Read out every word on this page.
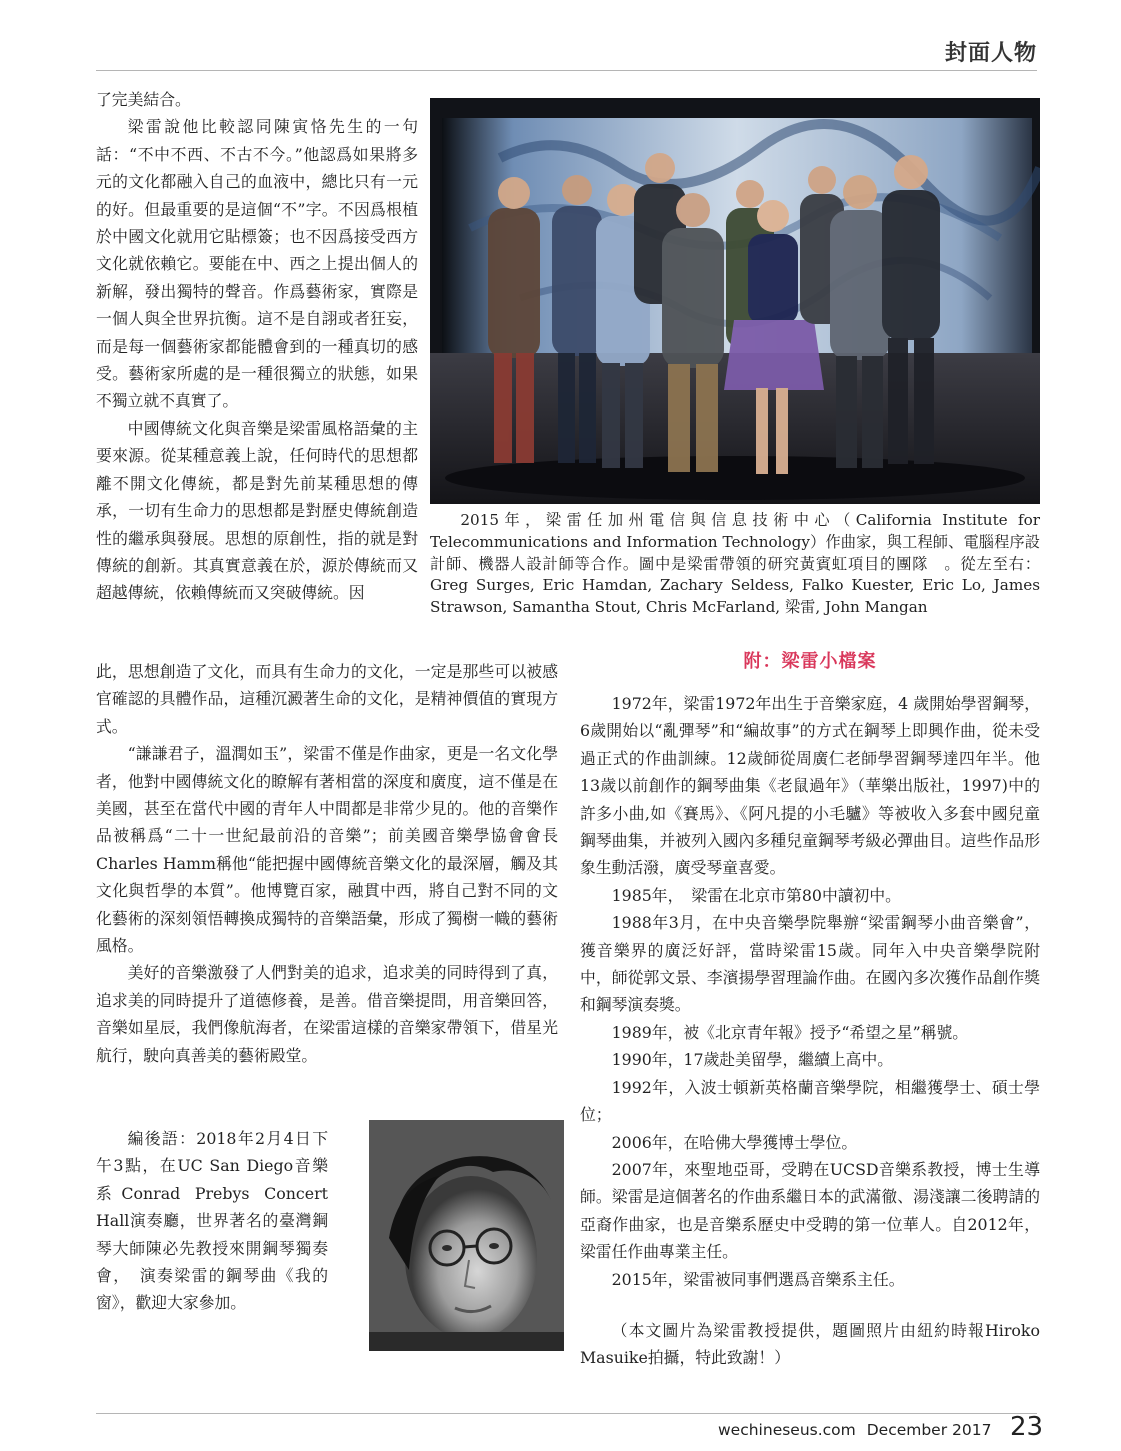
封面人物

了完美結合。

梁雷說他比較認同陳寅恪先生的一句話：“不中不西、不古不今。”他認爲如果將多元的文化都融入自己的血液中，總比只有一元的好。但最重要的是這個“不”字。不因爲根植於中國文化就用它貼標簽；也不因爲接受西方文化就依賴它。要能在中、西之上提出個人的新解，發出獨特的聲音。作爲藝術家，實際是一個人與全世界抗衡。這不是自詡或者狂妄，而是每一個藝術家都能體會到的一種真切的感受。藝術家所處的是一種很獨立的狀態，如果不獨立就不真實了。

中國傳統文化與音樂是梁雷風格語彙的主要來源。從某種意義上說，任何時代的思想都離不開文化傳統，都是對先前某種思想的傳承，一切有生命力的思想都是對歷史傳統創造性的繼承與發展。思想的原創性，指的就是對傳統的創新。其真實意義在於，源於傳統而又超越傳統，依賴傳統而又突破傳統。因

2015年，梁雷任加州電信與信息技術中心（California Institute for Telecommunications and Information Technology）作曲家，與工程師、電腦程序設計師、機器人設計師等合作。圖中是梁雷帶領的研究黃賓虹項目的團隊　。從左至右：Greg Surges, Eric Hamdan, Zachary Seldess, Falko Kuester, Eric Lo, James Strawson, Samantha Stout, Chris McFarland, 梁雷, John Mangan
附：梁雷小檔案

此，思想創造了文化，而具有生命力的文化，一定是那些可以被感官確認的具體作品，這種沉澱著生命的文化，是精神價值的實現方式。

“謙謙君子，溫潤如玉”，梁雷不僅是作曲家，更是一名文化學者，他對中國傳統文化的瞭解有著相當的深度和廣度，這不僅是在美國，甚至在當代中國的青年人中間都是非常少見的。他的音樂作品被稱爲“二十一世紀最前沿的音樂”；前美國音樂學協會會長Charles Hamm稱他“能把握中國傳統音樂文化的最深層，觸及其文化與哲學的本質”。他博覽百家，融貫中西，將自己對不同的文化藝術的深刻領悟轉換成獨特的音樂語彙，形成了獨樹一幟的藝術風格。

美好的音樂激發了人們對美的追求，追求美的同時得到了真，追求美的同時提升了道德修養，是善。借音樂提問，用音樂回答，音樂如星辰，我們像航海者，在梁雷這樣的音樂家帶領下，借星光航行，駛向真善美的藝術殿堂。

1972年，梁雷1972年出生于音樂家庭，4 歲開始學習鋼琴，6歲開始以“亂彈琴”和“編故事”的方式在鋼琴上即興作曲，從未受過正式的作曲訓練。12歲師從周廣仁老師學習鋼琴達四年半。他13歲以前創作的鋼琴曲集《老鼠過年》（華樂出版社，1997)中的許多小曲,如《賽馬》、《阿凡提的小毛驢》等被收入多套中國兒童鋼琴曲集，并被列入國內多種兒童鋼琴考級必彈曲目。這些作品形象生動活潑，廣受琴童喜愛。

1985年，　梁雷在北京市第80中讀初中。

1988年3月，在中央音樂學院舉辦“梁雷鋼琴小曲音樂會”，獲音樂界的廣泛好評，當時梁雷15歲。同年入中央音樂學院附中，師從郭文景、李濱揚學習理論作曲。在國內多次獲作品創作獎和鋼琴演奏獎。

1989年，被《北京青年報》授予“希望之星”稱號。

1990年，17歲赴美留學，繼續上高中。

1992年，入波士頓新英格蘭音樂學院，相繼獲學士、碩士學位；

2006年，在哈佛大學獲博士學位。

2007年，來聖地亞哥，受聘在UCSD音樂系教授，博士生導師。梁雷是這個著名的作曲系繼日本的武滿徹、湯淺讓二後聘請的亞裔作曲家，也是音樂系歷史中受聘的第一位華人。自2012年，梁雷任作曲專業主任。

2015年，梁雷被同事們選爲音樂系主任。

（本文圖片為梁雷教授提供，題圖照片由紐約時報Hiroko Masuike拍攝，特此致謝！）

編後語：2018年2月4日下午3點，在UC San Diego音樂系Conrad Prebys Concert Hall演奏廳，世界著名的臺灣鋼琴大師陳必先教授來開鋼琴獨奏會，　演奏梁雷的鋼琴曲《我的窗》，歡迎大家參加。
wechineseus.com December 2017 23
